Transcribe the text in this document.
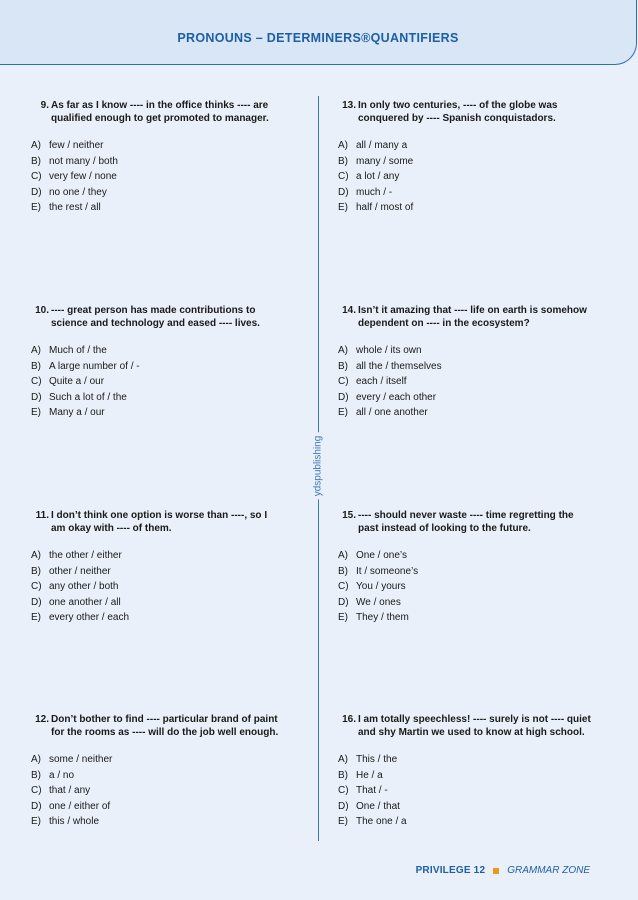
PRONOUNS – DETERMINERS®QUANTIFIERS
ydspublishing
9. As far as I know ---- in the office thinks ---- are qualified enough to get promoted to manager.
A) few / neither
B) not many / both
C) very few / none
D) no one / they
E) the rest / all
10. ---- great person has made contributions to science and technology and eased ---- lives.
A) Much of / the
B) A large number of / -
C) Quite a / our
D) Such a lot of / the
E) Many a / our
11. I don’t think one option is worse than ----, so I am okay with ---- of them.
A) the other / either
B) other / neither
C) any other / both
D) one another / all
E) every other / each
12. Don’t bother to find ---- particular brand of paint for the rooms as ---- will do the job well enough.
A) some / neither
B) a / no
C) that / any
D) one / either of
E) this / whole
13. In only two centuries, ---- of the globe was conquered by ---- Spanish conquistadors.
A) all / many a
B) many / some
C) a lot / any
D) much / -
E) half / most of
14. Isn’t it amazing that ---- life on earth is somehow dependent on ---- in the ecosystem?
A) whole / its own
B) all the / themselves
C) each / itself
D) every / each other
E) all / one another
15. ---- should never waste ---- time regretting the past instead of looking to the future.
A) One / one’s
B) It / someone’s
C) You / yours
D) We / ones
E) They / them
16. I am totally speechless! ---- surely is not ---- quiet and shy Martin we used to know at high school.
A) This / the
B) He / a
C) That / -
D) One / that
E) The one / a
PRIVILEGE 12 GRAMMAR ZONE
